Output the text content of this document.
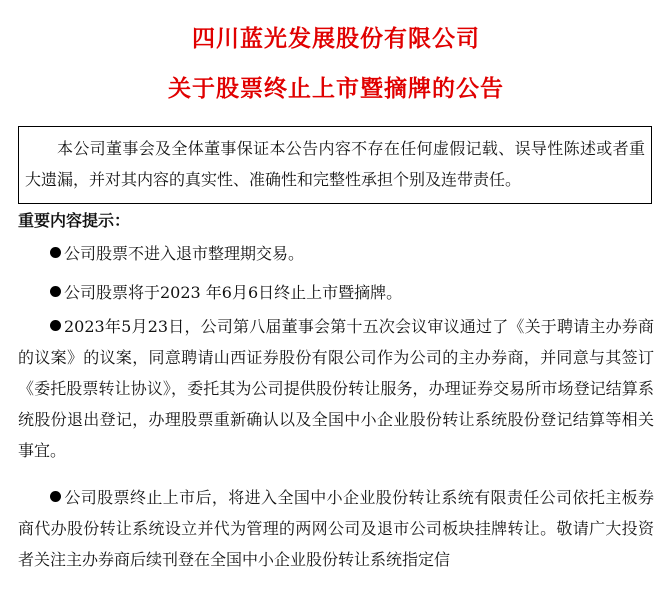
四川蓝光发展股份有限公司
关于股票终止上市暨摘牌的公告

本公司董事会及全体董事保证本公告内容不存在任何虚假记载、误导性陈述或者重大遗漏，并对其内容的真实性、准确性和完整性承担个别及连带责任。

重要内容提示：

公司股票不进入退市整理期交易。

公司股票将于2023 年6月6日终止上市暨摘牌。

2023年5月23日，公司第八届董事会第十五次会议审议通过了《关于聘请主办券商的议案》的议案，同意聘请山西证券股份有限公司作为公司的主办券商，并同意与其签订《委托股票转让协议》，委托其为公司提供股份转让服务，办理证券交易所市场登记结算系统股份退出登记，办理股票重新确认以及全国中小企业股份转让系统股份登记结算等相关事宜。

公司股票终止上市后，将进入全国中小企业股份转让系统有限责任公司依托主板券商代办股份转让系统设立并代为管理的两网公司及退市公司板块挂牌转让。敬请广大投资者关注主办券商后续刊登在全国中小企业股份转让系统指定信
